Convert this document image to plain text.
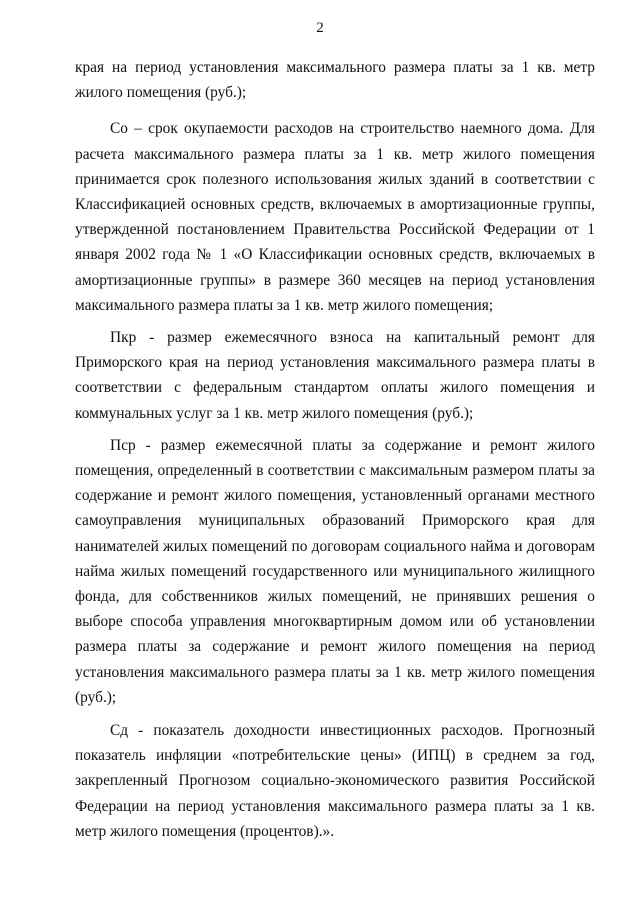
2

края на период установления максимального размера платы за 1 кв. метр жилого помещения (руб.);

Со – срок окупаемости расходов на строительство наемного дома. Для расчета максимального размера платы за 1 кв. метр жилого помещения принимается срок полезного использования жилых зданий в соответствии с Классификацией основных средств, включаемых в амортизационные группы, утвержденной постановлением Правительства Российской Федерации от 1 января 2002 года № 1 «О Классификации основных средств, включаемых в амортизационные группы» в размере 360 месяцев на период установления максимального размера платы за 1 кв. метр жилого помещения;

Пкр - размер ежемесячного взноса на капитальный ремонт для Приморского края на период установления максимального размера платы в соответствии с федеральным стандартом оплаты жилого помещения и коммунальных услуг за 1 кв. метр жилого помещения (руб.);

Пср - размер ежемесячной платы за содержание и ремонт жилого помещения, определенный в соответствии с максимальным размером платы за содержание и ремонт жилого помещения, установленный органами местного самоуправления муниципальных образований Приморского края для нанимателей жилых помещений по договорам социального найма и договорам найма жилых помещений государственного или муниципального жилищного фонда, для собственников жилых помещений, не принявших решения о выборе способа управления многоквартирным домом или об установлении размера платы за содержание и ремонт жилого помещения на период установления максимального размера платы за 1 кв. метр жилого помещения (руб.);

Сд - показатель доходности инвестиционных расходов. Прогнозный показатель инфляции «потребительские цены» (ИПЦ) в среднем за год, закрепленный Прогнозом социально-экономического развития Российской Федерации на период установления максимального размера платы за 1 кв. метр жилого помещения (процентов).».
